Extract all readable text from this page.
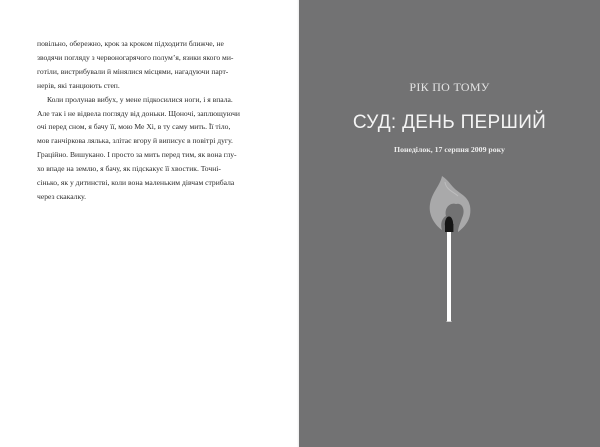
повільно, обережно, крок за кроком підходити ближче, не
зводячи погляду з червоногарячого полум’я, язики якого ми-
готіли, вистрибували й мінялися місцями, нагадуючи парт-
нерів, які танцюють степ.

Коли пролунав вибух, у мене підкосилися ноги, і я впала.
Але так і не відвела погляду від доньки. Щоночі, заплющуючи
очі перед сном, я бачу її, мою Ме Хі, в ту саму мить. Її тіло,
мов ганчіркова лялька, злітає вгору й виписує в повітрі дугу.
Граційно. Вишукано. І просто за мить перед тим, як вона глу-
хо впаде на землю, я бачу, як підскакує її хвостик. Точні-
сінько, як у дитинстві, коли вона маленьким дівчам стрибала
через скакалку.

РІК ПО ТОМУ
СУД: ДЕНЬ ПЕРШИЙ
Понеділок, 17 серпня 2009 року
